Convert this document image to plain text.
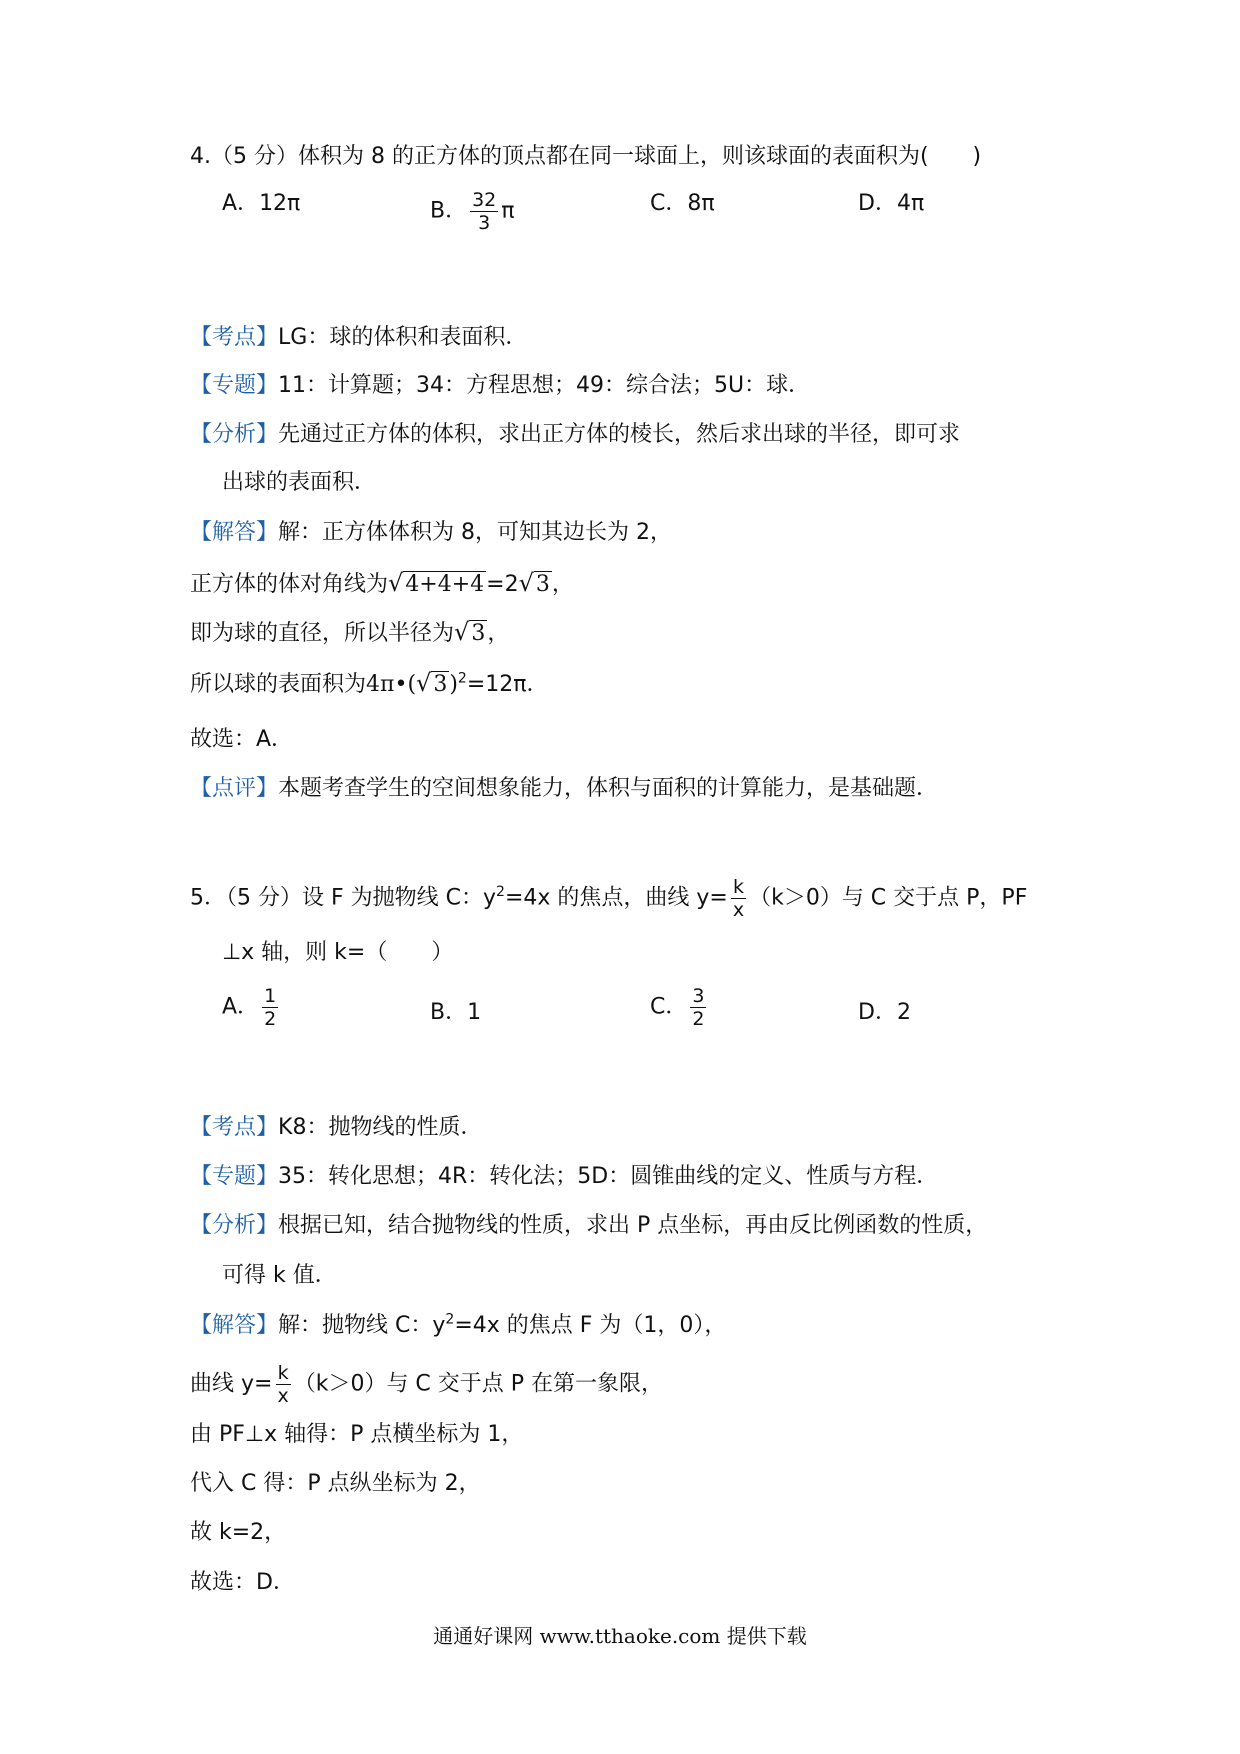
4.（5 分）体积为 8 的正方体的顶点都在同一球面上，则该球面的表面积为(　　)
A．12π	B． $\frac{32}{3}$ π	C．8π	D．4π
【考点】LG：球的体积和表面积．
【专题】11：计算题；34：方程思想；49：综合法；5U：球．
【分析】先通过正方体的体积，求出正方体的棱长，然后求出球的半径，即可求
出球的表面积．
【解答】解：正方体体积为 8，可知其边长为 2，
正方体的体对角线为√4+4+4=2√3，
即为球的直径，所以半径为√3，
所以球的表面积为$4\pi•(√3)^2=12\pi$．
故选：A．
【点评】本题考查学生的空间想象能力，体积与面积的计算能力，是基础题．
5．（5 分）设 F 为抛物线 C：$y^2=4x$ 的焦点，曲线 $y= \frac{k}{x} (k>0)$与 C 交于点 P，PF
⊥x 轴，则 k=（　　）
A． $\frac{1}{2}$	B．1	C． $\frac{3}{2}$	D．2
【考点】K8：抛物线的性质．
【专题】35：转化思想；4R：转化法；5D：圆锥曲线的定义、性质与方程．
【分析】根据已知，结合抛物线的性质，求出 P 点坐标，再由反比例函数的性质，
可得 k 值．
【解答】解：抛物线 C：$y^2=4x$ 的焦点 F 为（1，0），
曲线 $y= \frac{k}{x} (k>0)$与 C 交于点 P 在第一象限，
由 PF⊥x 轴得：P 点横坐标为 1，
代入 C 得：P 点纵坐标为 2，
故 k=2，
故选：D．
通通好课网 www.tthaoke.com 提供下载
